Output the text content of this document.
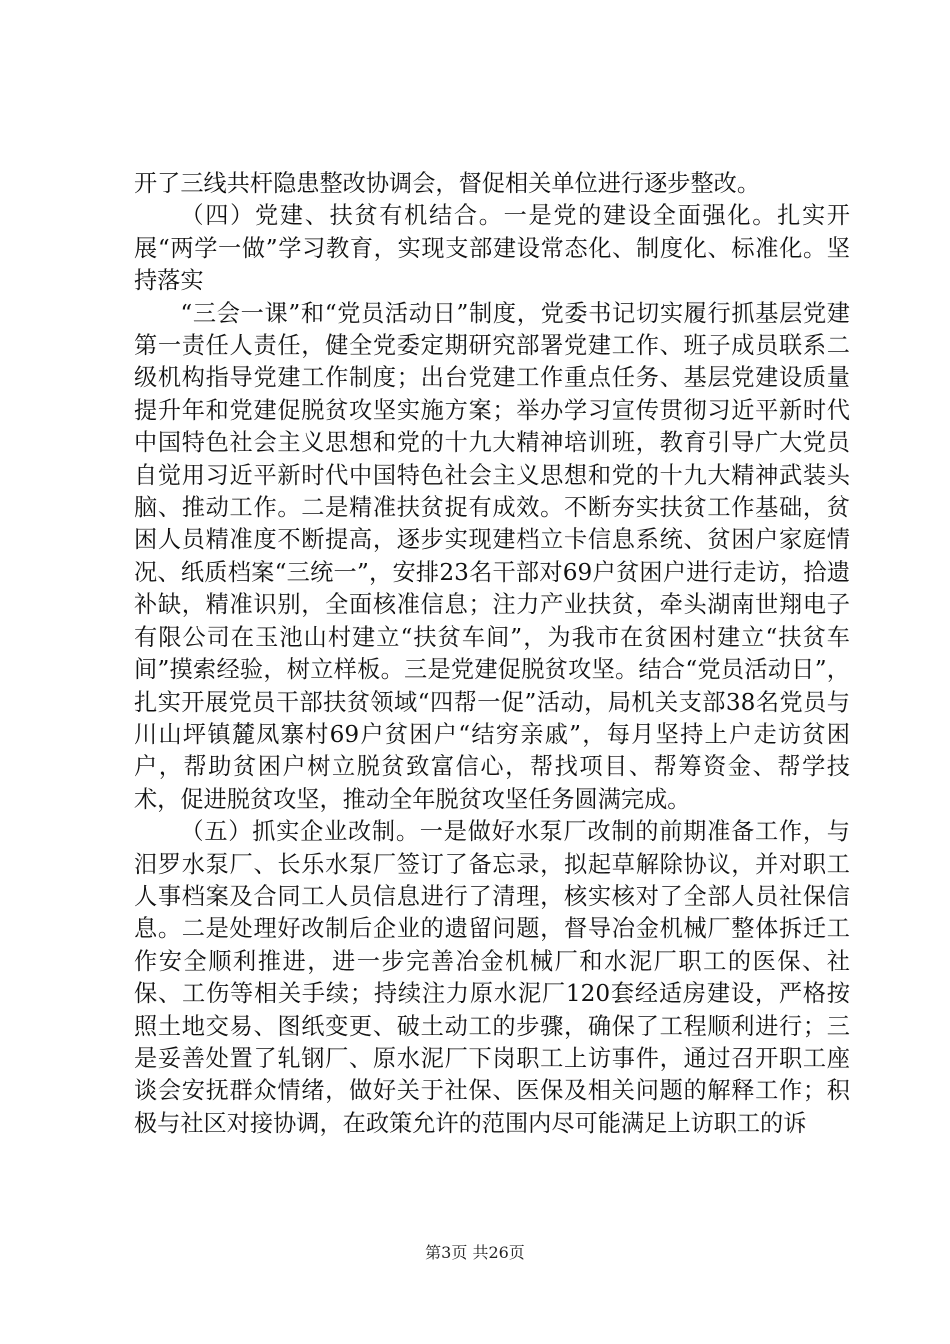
开了三线共杆隐患整改协调会，督促相关单位进行逐步整改。

（四）党建、扶贫有机结合。一是党的建设全面强化。扎实开展“两学一做”学习教育，实现支部建设常态化、制度化、标准化。坚持落实

“三会一课”和“党员活动日”制度，党委书记切实履行抓基层党建第一责任人责任，健全党委定期研究部署党建工作、班子成员联系二级机构指导党建工作制度；出台党建工作重点任务、基层党建设质量提升年和党建促脱贫攻坚实施方案；举办学习宣传贯彻习近平新时代中国特色社会主义思想和党的十九大精神培训班，教育引导广大党员自觉用习近平新时代中国特色社会主义思想和党的十九大精神武装头脑、推动工作。二是精准扶贫捉有成效。不断夯实扶贫工作基础，贫困人员精准度不断提高，逐步实现建档立卡信息系统、贫困户家庭情况、纸质档案“三统一”，安排23名干部对69户贫困户进行走访，拾遗补缺，精准识别，全面核准信息；注力产业扶贫，牵头湖南世翔电子有限公司在玉池山村建立“扶贫车间”，为我市在贫困村建立“扶贫车间”摸索经验，树立样板。三是党建促脱贫攻坚。结合“党员活动日”，扎实开展党员干部扶贫领域“四帮一促”活动，局机关支部38名党员与川山坪镇麓凤寨村69户贫困户“结穷亲戚”，每月坚持上户走访贫困户，帮助贫困户树立脱贫致富信心，帮找项目、帮筹资金、帮学技术，促进脱贫攻坚，推动全年脱贫攻坚任务圆满完成。

（五）抓实企业改制。一是做好水泵厂改制的前期准备工作，与汨罗水泵厂、长乐水泵厂签订了备忘录，拟起草解除协议，并对职工人事档案及合同工人员信息进行了清理，核实核对了全部人员社保信息。二是处理好改制后企业的遗留问题，督导冶金机械厂整体拆迁工作安全顺利推进，进一步完善冶金机械厂和水泥厂职工的医保、社保、工伤等相关手续；持续注力原水泥厂120套经适房建设，严格按照土地交易、图纸变更、破土动工的步骤，确保了工程顺利进行；三是妥善处置了轧钢厂、原水泥厂下岗职工上访事件，通过召开职工座谈会安抚群众情绪，做好关于社保、医保及相关问题的解释工作；积极与社区对接协调，在政策允许的范围内尽可能满足上访职工的诉

第3页 共26页
